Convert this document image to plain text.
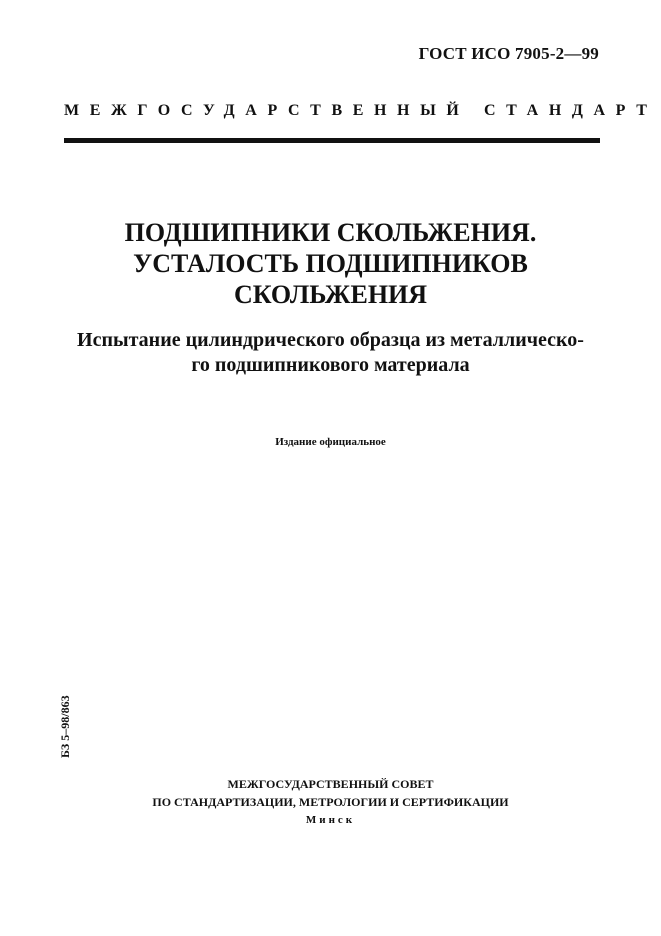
ГОСТ ИСО 7905-2—99
МЕЖГОСУДАРСТВЕННЫЙ СТАНДАРТ
ПОДШИПНИКИ СКОЛЬЖЕНИЯ.
УСТАЛОСТЬ ПОДШИПНИКОВ
СКОЛЬЖЕНИЯ
Испытание цилиндрического образца из металлическо-
го подшипникового материала
Издание официальное
БЗ 5–98/863
МЕЖГОСУДАРСТВЕННЫЙ СОВЕТ
ПО СТАНДАРТИЗАЦИИ, МЕТРОЛОГИИ И СЕРТИФИКАЦИИ
Минск
